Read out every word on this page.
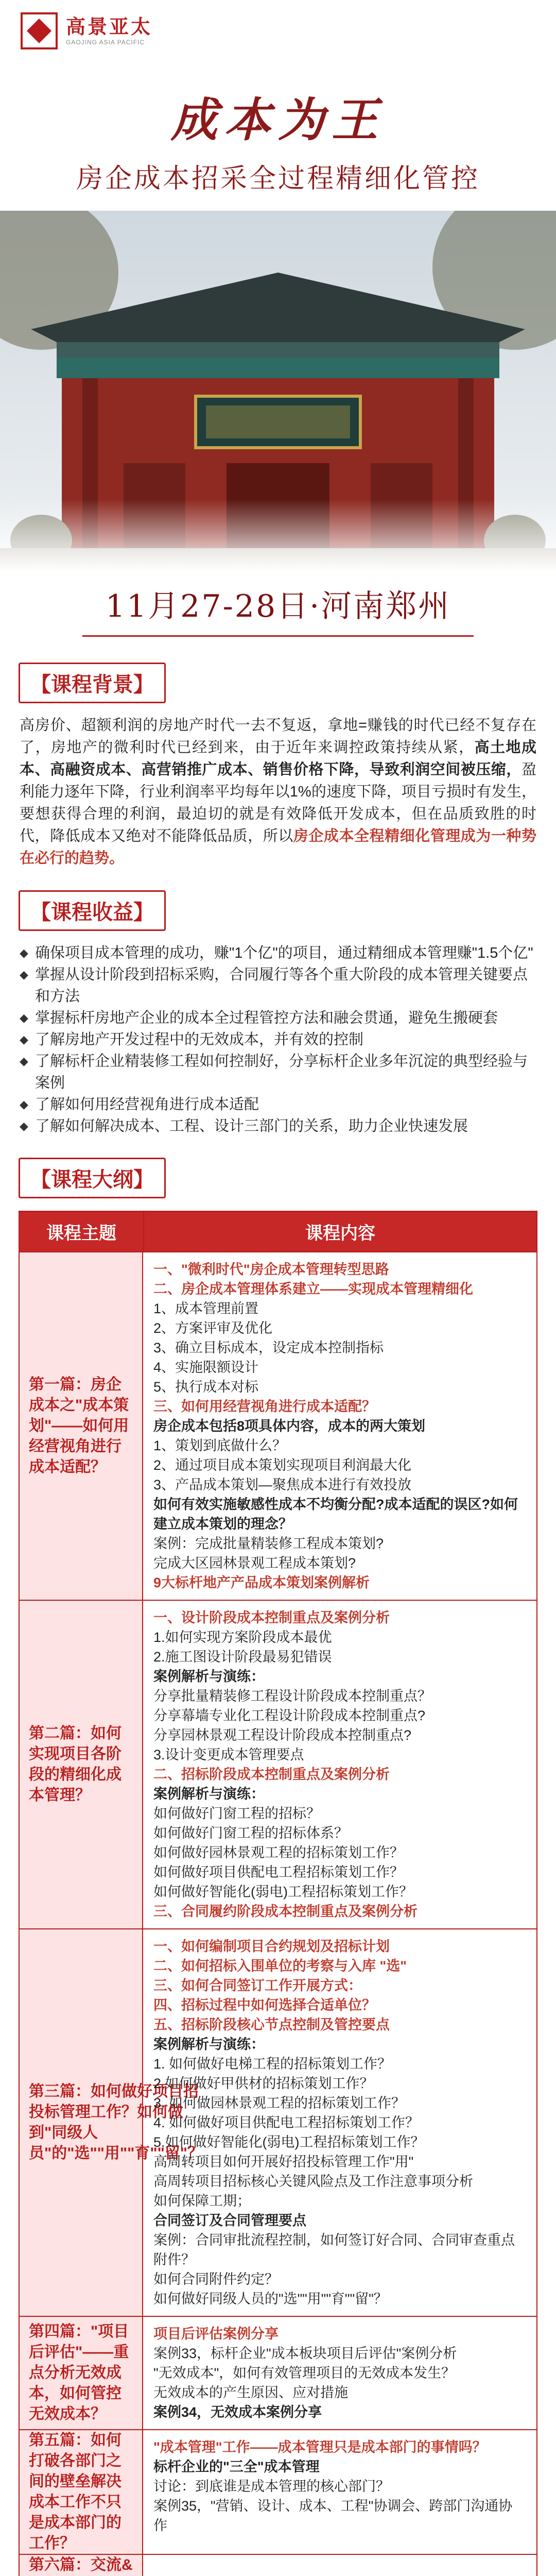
高景亚太
GAOJING ASIA PACIFIC
成本为王
房企成本招采全过程精细化管控
11月27-28日·河南郑州
【课程背景】
高房价、超额利润的房地产时代一去不复返，拿地=赚钱的时代已经不复存在了，房地产的微利时代已经到来，由于近年来调控政策持续从紧，高土地成本、高融资成本、高营销推广成本、销售价格下降，导致利润空间被压缩，盈利能力逐年下降，行业利润率平均每年以1%的速度下降，项目亏损时有发生，要想获得合理的利润，最迫切的就是有效降低开发成本，但在品质致胜的时代，降低成本又绝对不能降低品质，所以房企成本全程精细化管理成为一种势在必行的趋势。
【课程收益】
◆ 确保项目成本管理的成功，赚"1个亿"的项目，通过精细成本管理赚"1.5个亿"
◆ 掌握从设计阶段到招标采购，合同履行等各个重大阶段的成本管理关键要点和方法
◆ 掌握标杆房地产企业的成本全过程管控方法和融会贯通，避免生搬硬套
◆ 了解房地产开发过程中的无效成本，并有效的控制
◆ 了解标杆企业精装修工程如何控制好，分享标杆企业多年沉淀的典型经验与案例
◆ 了解如何用经营视角进行成本适配
◆ 了解如何解决成本、工程、设计三部门的关系，助力企业快速发展
【课程大纲】
课程主题	课程内容
第一篇：房企成本之"成本策划"——如何用经营视角进行成本适配？
一、"微利时代"房企成本管理转型思路
二、房企成本管理体系建立——实现成本管理精细化
1、成本管理前置
2、方案评审及优化
3、确立目标成本，设定成本控制指标
4、实施限额设计
5、执行成本对标
三、如何用经营视角进行成本适配？
房企成本包括8项具体内容，成本的两大策划
1、策划到底做什么？
2、通过项目成本策划实现项目利润最大化
3、产品成本策划—聚焦成本进行有效投放
如何有效实施敏感性成本不均衡分配?成本适配的误区?如何建立成本策划的理念？
案例：完成批量精装修工程成本策划?
完成大区园林景观工程成本策划?
9大标杆地产产品成本策划案例解析
第二篇：如何实现项目各阶段的精细化成本管理？
一、设计阶段成本控制重点及案例分析
1.如何实现方案阶段成本最优
2.施工图设计阶段最易犯错误
案例解析与演练：
分享批量精装修工程设计阶段成本控制重点？
分享幕墙专业化工程设计阶段成本控制重点?
分享园林景观工程设计阶段成本控制重点?
3.设计变更成本管理要点
二、招标阶段成本控制重点及案例分析
案例解析与演练：
如何做好门窗工程的招标？
如何做好门窗工程的招标体系？
如何做好园林景观工程的招标策划工作？
如何做好项目供配电工程招标策划工作？
如何做好智能化(弱电)工程招标策划工作？
三、合同履约阶段成本控制重点及案例分析
第三篇：如何做好项目招投标管理工作？如何做到"同级人员"的"选""用""育""留"？
一、如何编制项目合约规划及招标计划
二、如何招标入围单位的考察与入库 "选"
三、如何合同签订工作开展方式：
四、招标过程中如何选择合适单位？
五、招标阶段核心节点控制及管控要点
案例解析与演练：
1. 如何做好电梯工程的招标策划工作？
2.如何做好甲供材的招标策划工作？
3. 如何做园林景观工程的招标策划工作？
4. 如何做好项目供配电工程招标策划工作？
5.如何做好智能化(弱电)工程招标策划工作？
高周转项目如何开展好招投标管理工作"用"
高周转项目招标核心关键风险点及工作注意事项分析
如何保障工期；
合同签订及合同管理要点
案例：合同审批流程控制，如何签订好合同、合同审查重点附件？
如何合同附件约定？
如何做好同级人员的"选""用""育""留"？
第四篇："项目后评估"——重点分析无效成本，如何管控无效成本？
项目后评估案例分享
案例33，标杆企业"成本板块项目后评估"案例分析
"无效成本"，如何有效管理项目的无效成本发生？
无效成本的产生原因、应对措施
案例34，无效成本案例分享
第五篇：如何打破各部门之间的壁垒解决成本工作不只是成本部门的工作？
"成本管理"工作——成本管理只是成本部门的事情吗？
标杆企业的"三全"成本管理
讨论：到底谁是成本管理的核心部门？
案例35，"营销、设计、成本、工程"协调会、跨部门沟通协作
第六篇：交流&
